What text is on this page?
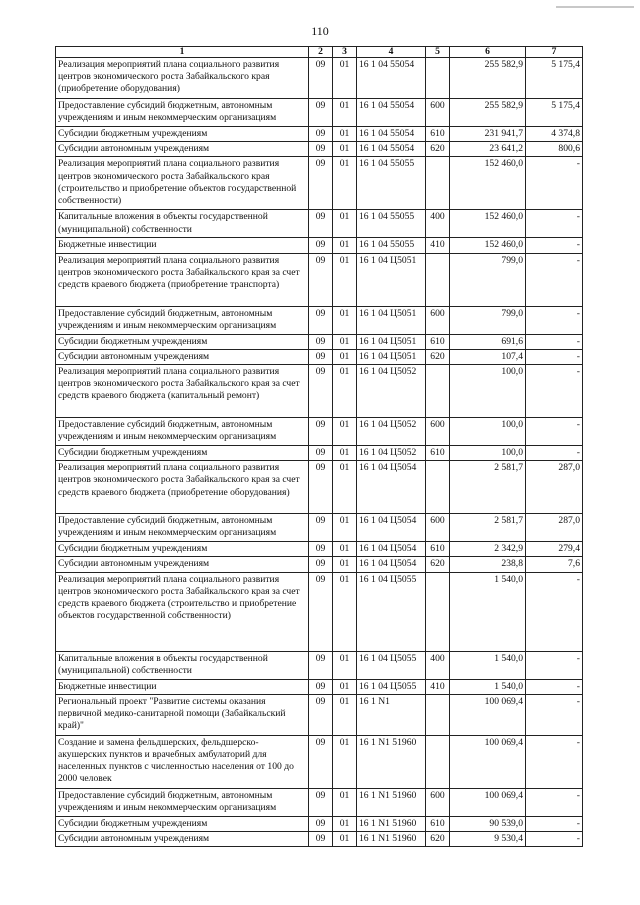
110
1	2	3	4	5	6	7
Реализация мероприятий плана социального развития центров экономического роста Забайкальского края (приобретение оборудования)	09	01	16 1 04 55054		255 582,9	5 175,4
Предоставление субсидий бюджетным, автономным учреждениям и иным некоммерческим организациям	09	01	16 1 04 55054	600	255 582,9	5 175,4
Субсидии бюджетным учреждениям	09	01	16 1 04 55054	610	231 941,7	4 374,8
Субсидии автономным учреждениям	09	01	16 1 04 55054	620	23 641,2	800,6
Реализация мероприятий плана социального развития центров экономического роста Забайкальского края (строительство и приобретение объектов государственной собственности)	09	01	16 1 04 55055		152 460,0	-
Капитальные вложения в объекты государственной (муниципальной) собственности	09	01	16 1 04 55055	400	152 460,0	-
Бюджетные инвестиции	09	01	16 1 04 55055	410	152 460,0	-
Реализация мероприятий плана социального развития центров экономического роста Забайкальского края за счет средств краевого бюджета (приобретение транспорта)	09	01	16 1 04 Ц5051		799,0	-
Предоставление субсидий бюджетным, автономным учреждениям и иным некоммерческим организациям	09	01	16 1 04 Ц5051	600	799,0	-
Субсидии бюджетным учреждениям	09	01	16 1 04 Ц5051	610	691,6	-
Субсидии автономным учреждениям	09	01	16 1 04 Ц5051	620	107,4	-
Реализация мероприятий плана социального развития центров экономического роста Забайкальского края за счет средств краевого бюджета (капитальный ремонт)	09	01	16 1 04 Ц5052		100,0	-
Предоставление субсидий бюджетным, автономным учреждениям и иным некоммерческим организациям	09	01	16 1 04 Ц5052	600	100,0	-
Субсидии бюджетным учреждениям	09	01	16 1 04 Ц5052	610	100,0	-
Реализация мероприятий плана социального развития центров экономического роста Забайкальского края за счет средств краевого бюджета (приобретение оборудования)	09	01	16 1 04 Ц5054		2 581,7	287,0
Предоставление субсидий бюджетным, автономным учреждениям и иным некоммерческим организациям	09	01	16 1 04 Ц5054	600	2 581,7	287,0
Субсидии бюджетным учреждениям	09	01	16 1 04 Ц5054	610	2 342,9	279,4
Субсидии автономным учреждениям	09	01	16 1 04 Ц5054	620	238,8	7,6
Реализация мероприятий плана социального развития центров экономического роста Забайкальского края за счет средств краевого бюджета (строительство и приобретение объектов государственной собственности)	09	01	16 1 04 Ц5055		1 540,0	-
Капитальные вложения в объекты государственной (муниципальной) собственности	09	01	16 1 04 Ц5055	400	1 540,0	-
Бюджетные инвестиции	09	01	16 1 04 Ц5055	410	1 540,0	-
Региональный проект "Развитие системы оказания первичной медико-санитарной помощи (Забайкальский край)"	09	01	16 1 N1		100 069,4	-
Создание и замена фельдшерских, фельдшерско-акушерских пунктов и врачебных амбулаторий для населенных пунктов с численностью населения от 100 до 2000 человек	09	01	16 1 N1 51960		100 069,4	-
Предоставление субсидий бюджетным, автономным учреждениям и иным некоммерческим организациям	09	01	16 1 N1 51960	600	100 069,4	-
Субсидии бюджетным учреждениям	09	01	16 1 N1 51960	610	90 539,0	-
Субсидии автономным учреждениям	09	01	16 1 N1 51960	620	9 530,4	-
